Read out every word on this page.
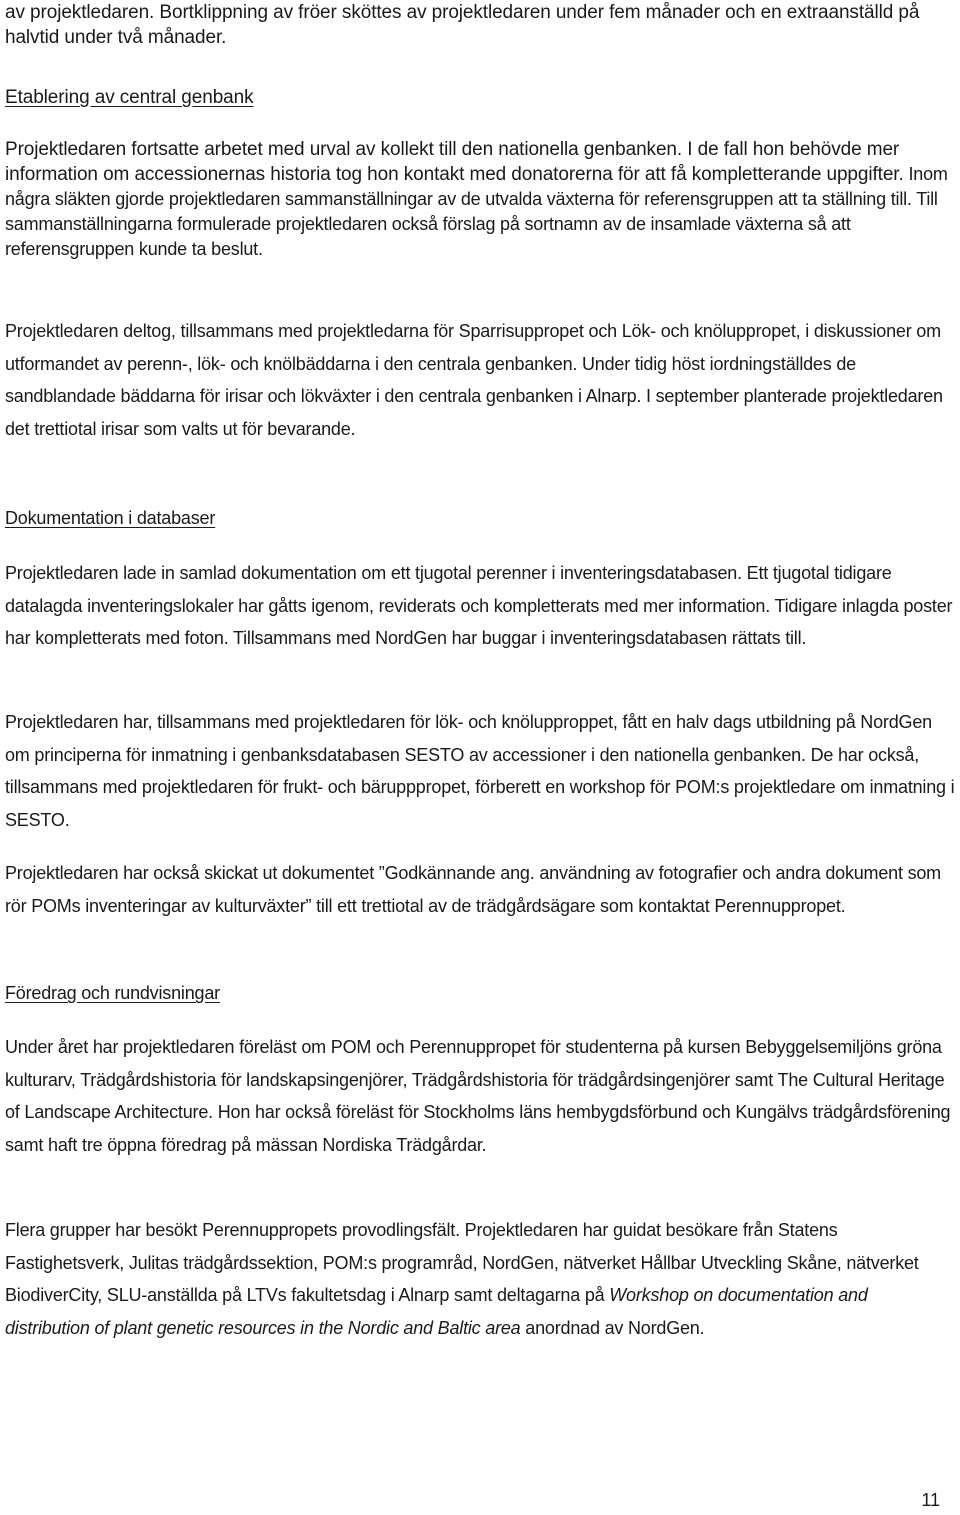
av projektledaren. Bortklippning av fröer sköttes av projektledaren under fem månader och en extraanställd på halvtid under två månader.

Etablering av central genbank

Projektledaren fortsatte arbetet med urval av kollekt till den nationella genbanken. I de fall hon behövde mer information om accessionernas historia tog hon kontakt med donatorerna för att få kompletterande uppgifter. Inom några släkten gjorde projektledaren sammanställningar av de utvalda växterna för referensgruppen att ta ställning till. Till sammanställningarna formulerade projektledaren också förslag på sortnamn av de insamlade växterna så att referensgruppen kunde ta beslut.

Projektledaren deltog, tillsammans med projektledarna för Sparrisuppropet och Lök- och knöluppropet, i diskussioner om utformandet av perenn-, lök- och knölbäddarna i den centrala genbanken. Under tidig höst iordningställdes de sandblandade bäddarna för irisar och lökväxter i den centrala genbanken i Alnarp. I september planterade projektledaren det trettiotal irisar som valts ut för bevarande.

Dokumentation i databaser

Projektledaren lade in samlad dokumentation om ett tjugotal perenner i inventeringsdatabasen. Ett tjugotal tidigare datalagda inventeringslokaler har gåtts igenom, reviderats och kompletterats med mer information. Tidigare inlagda poster har kompletterats med foton. Tillsammans med NordGen har buggar i inventeringsdatabasen rättats till.

Projektledaren har, tillsammans med projektledaren för lök- och knölupproppet, fått en halv dags utbildning på NordGen om principerna för inmatning i genbanksdatabasen SESTO av accessioner i den nationella genbanken. De har också, tillsammans med projektledaren för frukt- och bärupppropet, förberett en workshop för POM:s projektledare om inmatning i SESTO.

Projektledaren har också skickat ut dokumentet ”Godkännande ang. användning av fotografier och andra dokument som rör POMs inventeringar av kulturväxter” till ett trettiotal av de trädgårdsägare som kontaktat Perennuppropet.

Föredrag och rundvisningar

Under året har projektledaren föreläst om POM och Perennuppropet för studenterna på kursen Bebyggelsemiljöns gröna kulturarv, Trädgårdshistoria för landskapsingenjörer, Trädgårdshistoria för trädgårdsingenjörer samt The Cultural Heritage of Landscape Architecture. Hon har också föreläst för Stockholms läns hembygdsförbund och Kungälvs trädgårdsförening samt haft tre öppna föredrag på mässan Nordiska Trädgårdar.

Flera grupper har besökt Perennuppropets provodlingsfält. Projektledaren har guidat besökare från Statens Fastighetsverk, Julitas trädgårdssektion, POM:s programråd, NordGen, nätverket Hållbar Utveckling Skåne, nätverket BiodiverCity, SLU-anställda på LTVs fakultetsdag i Alnarp samt deltagarna på Workshop on documentation and distribution of plant genetic resources in the Nordic and Baltic area anordnad av NordGen.

11
